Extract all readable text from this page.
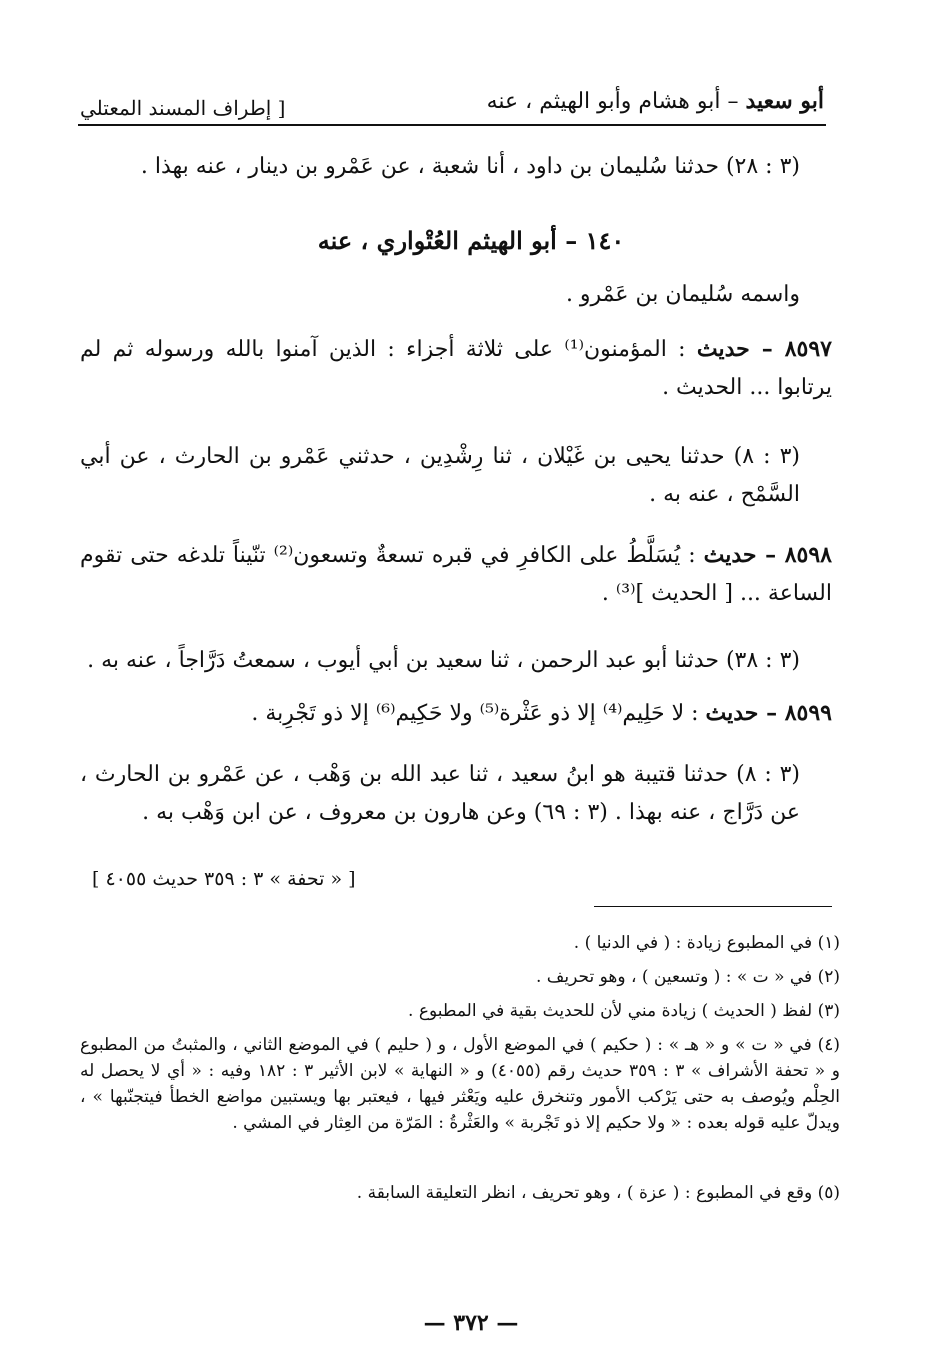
أبو سعيد – أبو هشام وأبو الهيثم ، عنه
[ إطراف المسند المعتلي
(٣ : ٢٨) حدثنا سُليمان بن داود ، أنا شعبة ، عن عَمْرو بن دينار ، عنه بهذا .
١٤٠ – أبو الهيثم العُتْواري ، عنه
واسمه سُليمان بن عَمْرو .
٨٥٩٧ – حديث : المؤمنون⁽¹⁾ على ثلاثة أجزاء : الذين آمنوا بالله ورسوله ثم لم يرتابوا ... الحديث .
(٣ : ٨) حدثنا يحيى بن غَيْلان ، ثنا رِشْدِين ، حدثني عَمْرو بن الحارث ، عن أبي السَّمْح ، عنه به .
٨٥٩٨ – حديث : يُسَلَّطُ على الكافرِ في قبره تسعةٌ وتسعون⁽²⁾ تنّيناً تلدغه حتى تقوم الساعة ... [ الحديث ]⁽³⁾ .
(٣ : ٣٨) حدثنا أبو عبد الرحمن ، ثنا سعيد بن أبي أيوب ، سمعتُ دَرَّاجاً ، عنه به .
٨٥٩٩ – حديث : لا حَلِيم⁽⁴⁾ إلا ذو عَثْرة⁽⁵⁾ ولا حَكِيم⁽⁶⁾ إلا ذو تَجْرِبة .
(٣ : ٨) حدثنا قتيبة هو ابنُ سعيد ، ثنا عبد الله بن وَهْب ، عن عَمْرو بن الحارث ، عن دَرَّاج ، عنه بهذا . (٣ : ٦٩) وعن هارون بن معروف ، عن ابن وَهْب به .
[ « تحفة » ٣ : ٣٥٩ حديث ٤٠٥٥ ]
(١) في المطبوع زيادة : ( في الدنيا ) .
(٢) في « ت » : ( وتسعين ) ، وهو تحريف .
(٣) لفظ ( الحديث ) زيادة مني لأن للحديث بقية في المطبوع .
(٤) في « ت » و « هـ » : ( حكيم ) في الموضع الأول ، و ( حليم ) في الموضع الثاني ، والمثبتُ من المطبوع و « تحفة الأشراف » ٣ : ٣٥٩ حديث رقم (٤٠٥٥) و « النهاية » لابن الأثير ٣ : ١٨٢ وفيه : « أي لا يحصل له الحِلْم ويُوصف به حتى يَرْكب الأمور وتنخرق عليه ويَعْثر فيها ، فيعتبر بها ويستبين مواضع الخطأ فيتجنّبها » ، ويدلّ عليه قوله بعده : « ولا حكيم إلا ذو تَجْربة » والعَثْرةُ : المَرّة من العِثار في المشي .
(٥) وقع في المطبوع : ( عزة ) ، وهو تحريف ، انظر التعليقة السابقة .
— ٣٧٢ —
